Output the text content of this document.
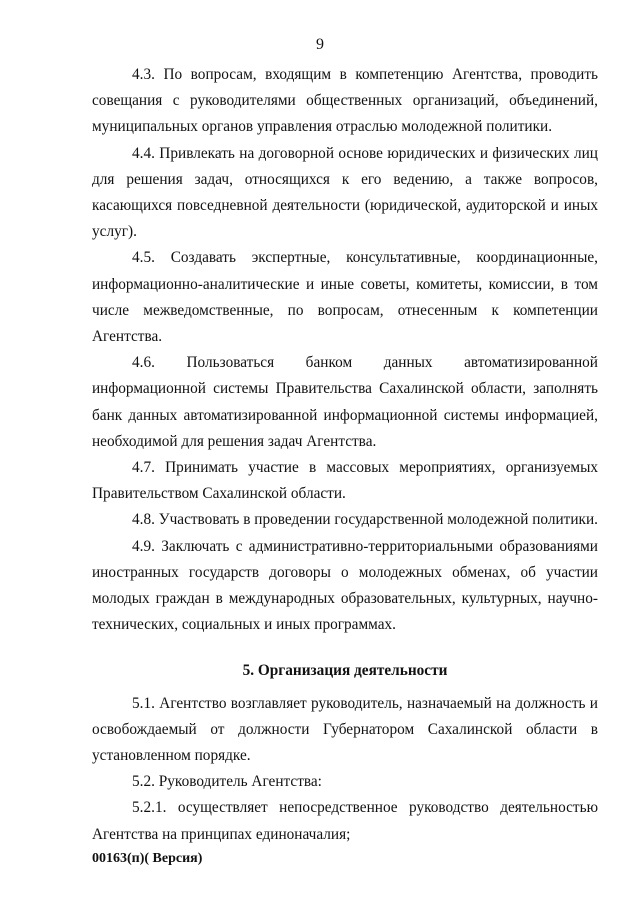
9

4.3. По вопросам, входящим в компетенцию Агентства, проводить совещания с руководителями общественных организаций, объединений, муниципальных органов управления отраслью молодежной политики.

4.4. Привлекать на договорной основе юридических и физических лиц для решения задач, относящихся к его ведению, а также вопросов, касающихся повседневной деятельности (юридической, аудиторской и иных услуг).

4.5. Создавать экспертные, консультативные, координационные, информационно-аналитические и иные советы, комитеты, комиссии, в том числе межведомственные, по вопросам, отнесенным к компетенции Агентства.

4.6. Пользоваться банком данных автоматизированной информационной системы Правительства Сахалинской области, заполнять банк данных автоматизированной информационной системы информацией, необходимой для решения задач Агентства.

4.7. Принимать участие в массовых мероприятиях, организуемых Правительством Сахалинской области.

4.8. Участвовать в проведении государственной молодежной политики.

4.9. Заключать с административно-территориальными образованиями иностранных государств договоры о молодежных обменах, об участии молодых граждан в международных образовательных, культурных, научно-технических, социальных и иных программах.

5. Организация деятельности

5.1. Агентство возглавляет руководитель, назначаемый на должность и освобождаемый от должности Губернатором Сахалинской области в установленном порядке.

5.2. Руководитель Агентства:

5.2.1. осуществляет непосредственное руководство деятельностью Агентства на принципах единоначалия;

00163(п)( Версия)
